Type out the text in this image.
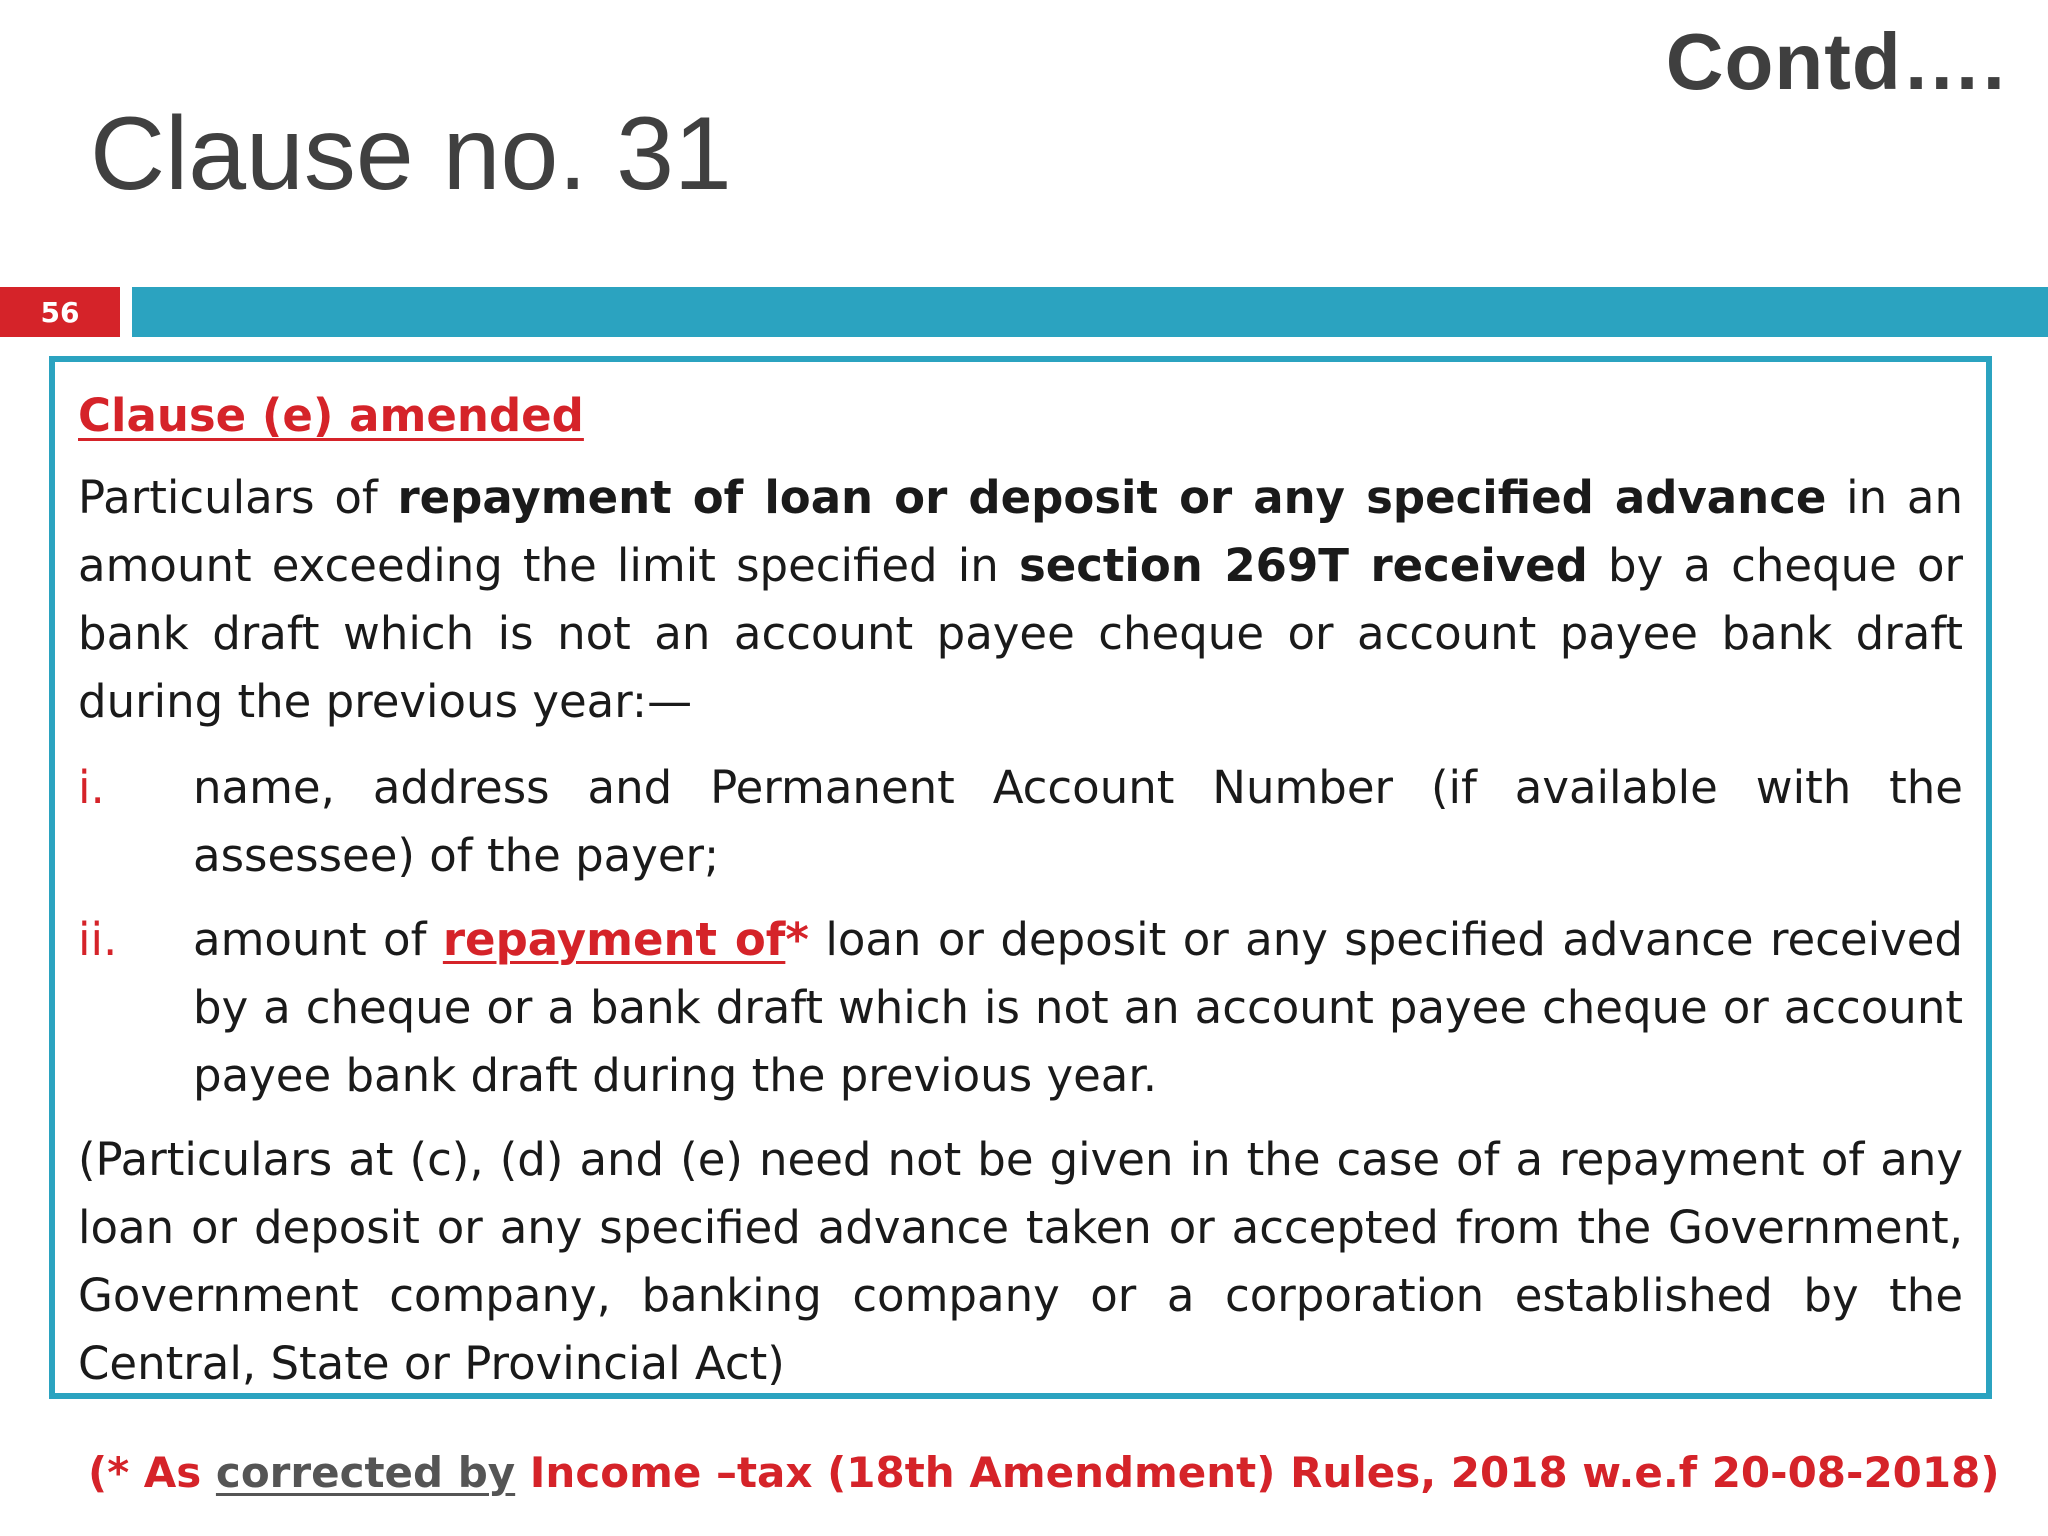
Contd….
Clause no. 31
56

Clause (e) amended

Particulars of repayment of loan or deposit or any specified advance in an amount exceeding the limit specified in section 269T received by a cheque or bank draft which is not an account payee cheque or account payee bank draft during the previous year:—

i.	name, address and Permanent Account Number (if available with the assessee) of the payer;
ii.	amount of repayment of* loan or deposit or any specified advance received by a cheque or a bank draft which is not an account payee cheque or account payee bank draft during the previous year.

(Particulars at (c), (d) and (e) need not be given in the case of a repayment of any loan or deposit or any specified advance taken or accepted from the Government, Government company, banking company or a corporation established by the Central, State or Provincial Act)

(* As corrected by Income –tax (18th Amendment) Rules, 2018 w.e.f 20-08-2018)
